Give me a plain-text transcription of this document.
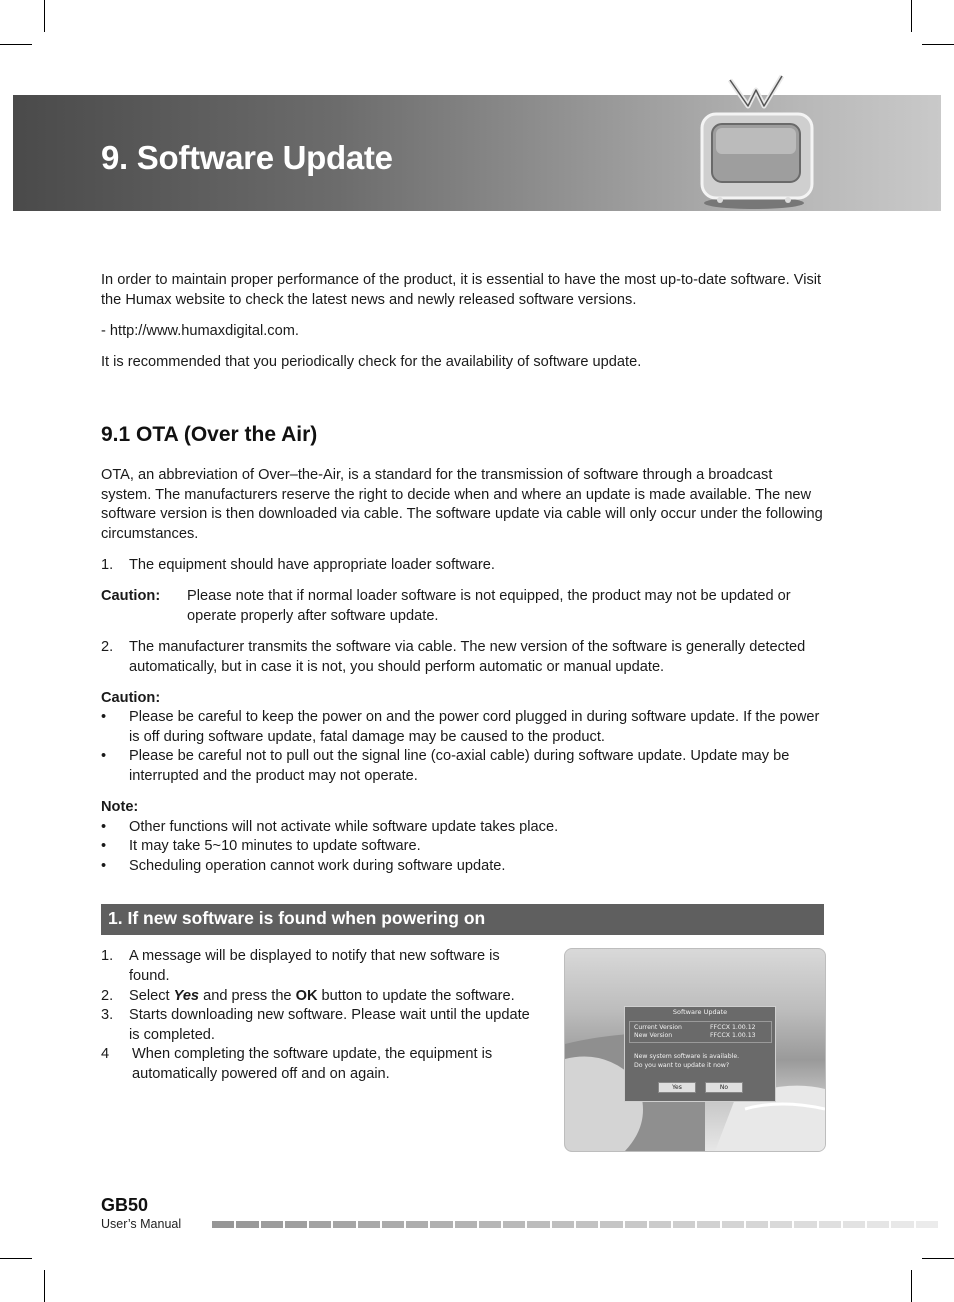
9. Software Update

In order to maintain proper performance of the product, it is essential to have the most up-to-date software. Visit the Humax website to check the latest news and newly released software versions.

- http://www.humaxdigital.com.

It is recommended that you periodically check for the availability of software update.

9.1 OTA (Over the Air)

OTA, an abbreviation of Over–the-Air, is a standard for the transmission of software through a broadcast system. The manufacturers reserve the right to decide when and where an update is made available. The new software version is then downloaded via cable. The software update via cable will only occur under the following circumstances.

1. The equipment should have appropriate loader software.

Caution: Please note that if normal loader software is not equipped, the product may not be updated or operate properly after software update.

2. The manufacturer transmits the software via cable. The new version of the software is generally detected automatically, but in case it is not, you should perform automatic or manual update.

Caution:
• Please be careful to keep the power on and the power cord plugged in during software update. If the power is off during software update, fatal damage may be caused to the product.

• Please be careful not to pull out the signal line (co-axial cable) during software update. Update may be interrupted and the product may not operate.

Note:
• Other functions will not activate while software update takes place.

• It may take 5~10 minutes to update software.

• Scheduling operation cannot work during software update.

1. If new software is found when powering on
1. A message will be displayed to notify that new software is found.

2. Select Yes and press the OK button to update the software.

3. Starts downloading new software. Please wait until the update is completed.

4 When completing the software update, the equipment is automatically powered off and on again.

Software Update
Current Version	FFCCX 1.00.12
New Version	FFCCX 1.00.13
New system software is available.
Do you want to update it now?
Yes	No
GB50
User’s Manual
